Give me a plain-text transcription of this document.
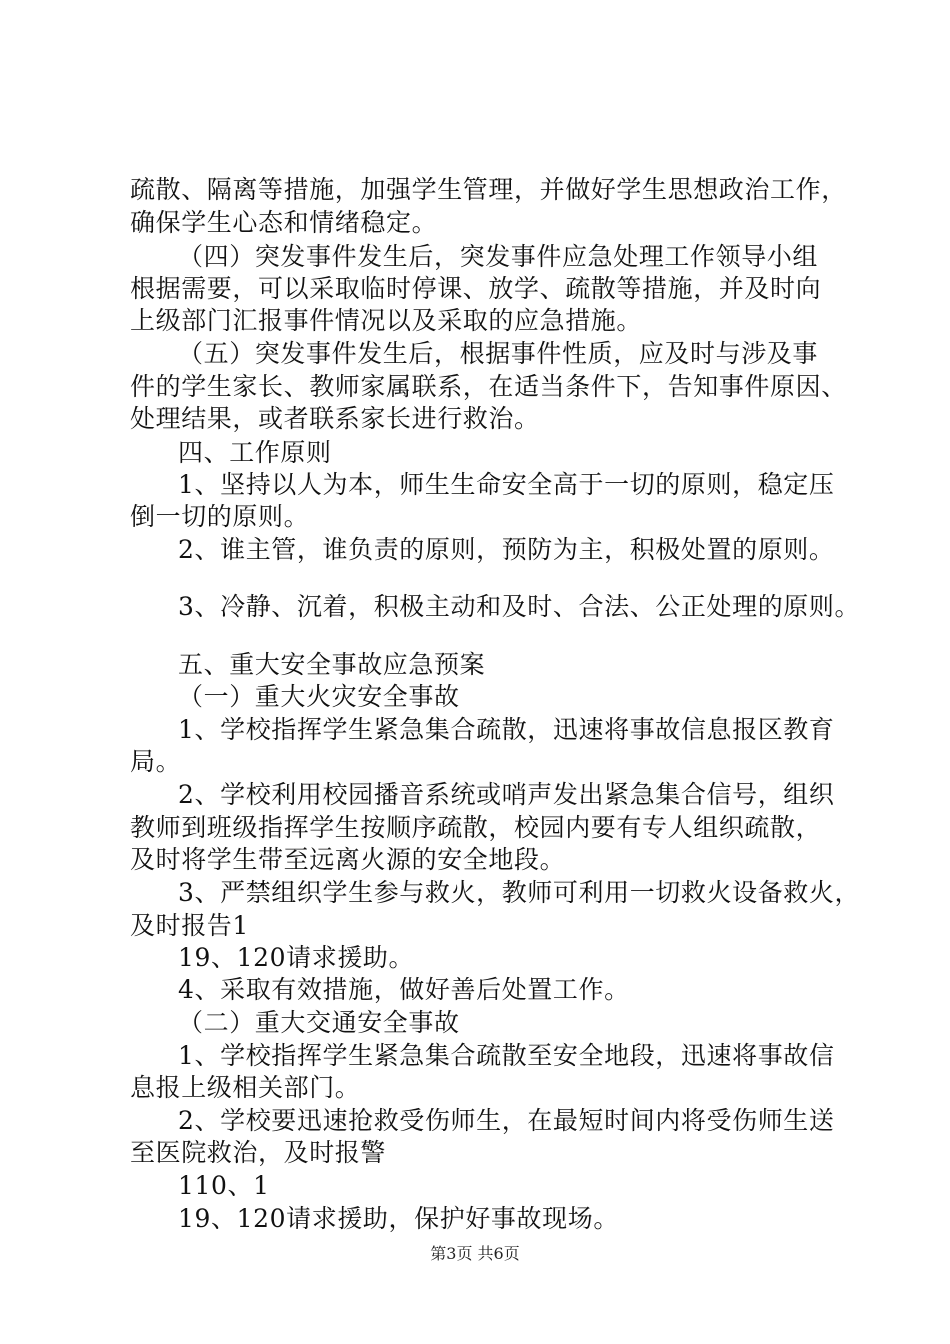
疏散、隔离等措施，加强学生管理，并做好学生思想政治工作，
确保学生心态和情绪稳定。
（四）突发事件发生后，突发事件应急处理工作领导小组
根据需要，可以采取临时停课、放学、疏散等措施，并及时向
上级部门汇报事件情况以及采取的应急措施。
（五）突发事件发生后，根据事件性质，应及时与涉及事
件的学生家长、教师家属联系，在适当条件下，告知事件原因、
处理结果，或者联系家长进行救治。
四、工作原则
1、坚持以人为本，师生生命安全高于一切的原则，稳定压
倒一切的原则。
2、谁主管，谁负责的原则，预防为主，积极处置的原则。
3、冷静、沉着，积极主动和及时、合法、公正处理的原则。
五、重大安全事故应急预案
（一）重大火灾安全事故
1、学校指挥学生紧急集合疏散，迅速将事故信息报区教育
局。
2、学校利用校园播音系统或哨声发出紧急集合信号，组织
教师到班级指挥学生按顺序疏散，校园内要有专人组织疏散，
及时将学生带至远离火源的安全地段。
3、严禁组织学生参与救火，教师可利用一切救火设备救火，
及时报告1
19、120请求援助。
4、采取有效措施，做好善后处置工作。
（二）重大交通安全事故
1、学校指挥学生紧急集合疏散至安全地段，迅速将事故信
息报上级相关部门。
2、学校要迅速抢救受伤师生，在最短时间内将受伤师生送
至医院救治，及时报警
110、1
19、120请求援助，保护好事故现场。
第3页 共6页
